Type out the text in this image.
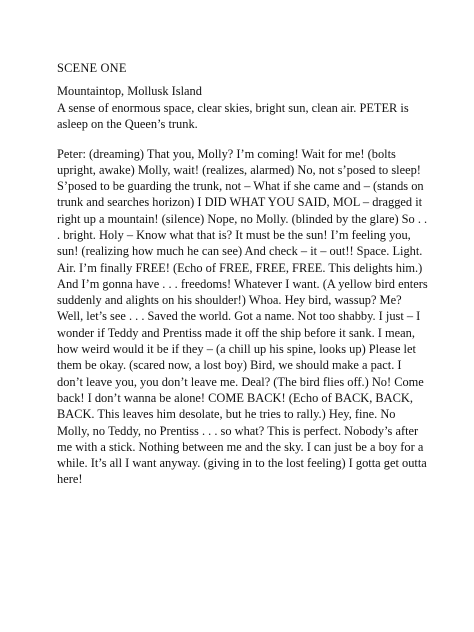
SCENE ONE

Mountaintop, Mollusk Island

A sense of enormous space, clear skies, bright sun, clean air. PETER is asleep on the Queen’s trunk.

Peter: (dreaming) That you, Molly? I’m coming! Wait for me! (bolts upright, awake) Molly, wait! (realizes, alarmed) No, not s’posed to sleep! S’posed to be guarding the trunk, not – What if she came and – (stands on trunk and searches horizon) I DID WHAT YOU SAID, MOL – dragged it right up a mountain! (silence) Nope, no Molly. (blinded by the glare) So . . . bright. Holy – Know what that is? It must be the sun! I’m feeling you, sun! (realizing how much he can see) And check – it – out!! Space. Light. Air. I’m finally FREE! (Echo of FREE, FREE, FREE. This delights him.) And I’m gonna have . . . freedoms! Whatever I want. (A yellow bird enters suddenly and alights on his shoulder!) Whoa. Hey bird, wassup? Me? Well, let’s see . . . Saved the world. Got a name. Not too shabby. I just – I wonder if Teddy and Prentiss made it off the ship before it sank. I mean, how weird would it be if they – (a chill up his spine, looks up) Please let them be okay. (scared now, a lost boy) Bird, we should make a pact. I don’t leave you, you don’t leave me. Deal? (The bird flies off.) No! Come back! I don’t wanna be alone! COME BACK! (Echo of BACK, BACK, BACK. This leaves him desolate, but he tries to rally.) Hey, fine. No Molly, no Teddy, no Prentiss . . . so what? This is perfect. Nobody’s after me with a stick. Nothing between me and the sky. I can just be a boy for a while. It’s all I want anyway. (giving in to the lost feeling) I gotta get outta here!
